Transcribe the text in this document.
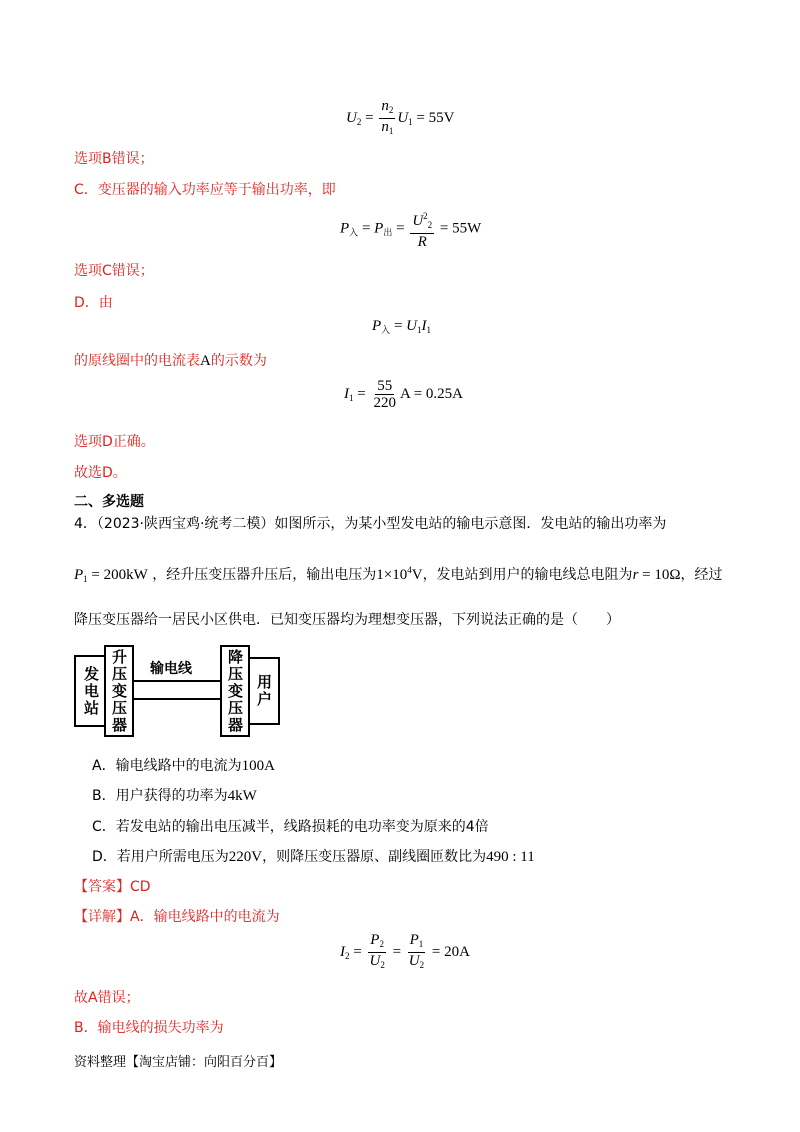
$U_2 = \frac{n_2}{n_1} U_1 = 55V$
选项B错误；
C．变压器的输入功率应等于输出功率，即
$P_入 = P_出 = \frac{U^2_2}{R} = 55W$
选项C错误；
D．由
$P_入 = U_1I_1$
的原线圈中的电流表A的示数为
$I_1 = \frac{55}{220}$ A = 0.25A
选项D正确。
故选D。
二、多选题
4．（2023·陕西宝鸡·统考二模）如图所示，为某小型发电站的输电示意图．发电站的输出功率为
$P_1 = 200kW$ ，经升压变压器升压后，输出电压为$1\times 10^4V$，发电站到用户的输电线总电阻为r = 10Ω，经过
降压变压器给一居民小区供电．已知变压器均为理想变压器，下列说法正确的是（　　）
发电站 升压变压器 输电线 降压变压器 用户
A．输电线路中的电流为100A
B．用户获得的功率为4kW
C．若发电站的输出电压减半，线路损耗的电功率变为原来的4倍
D．若用户所需电压为220V，则降压变压器原、副线圈匝数比为490 : 11
【答案】CD
【详解】A．输电线路中的电流为
$I_2 = \frac{P_2}{U_2} = \frac{P_1}{U_2} = 20A$
故A错误；
B．输电线的损失功率为
资料整理【淘宝店铺：向阳百分百】
